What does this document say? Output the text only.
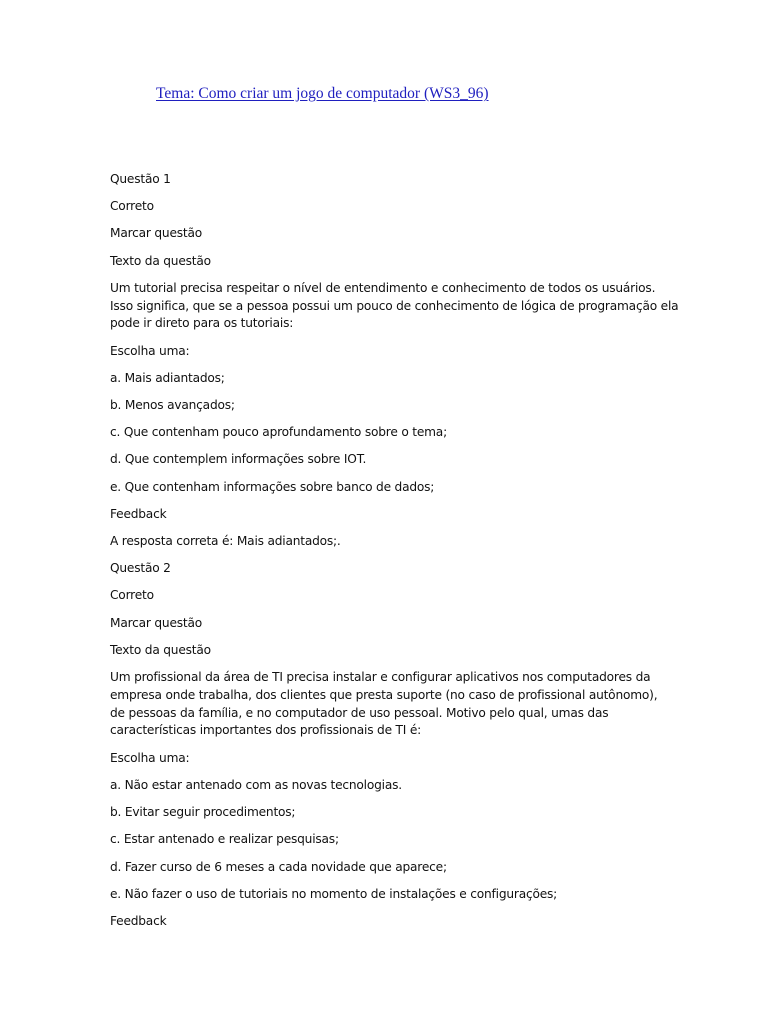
Tema: Como criar um jogo de computador (WS3_96)
Questão 1
Correto
Marcar questão
Texto da questão
Um tutorial precisa respeitar o nível de entendimento e conhecimento de todos os usuários.
Isso significa, que se a pessoa possui um pouco de conhecimento de lógica de programação ela
pode ir direto para os tutoriais:
Escolha uma:
a. Mais adiantados;
b. Menos avançados;
c. Que contenham pouco aprofundamento sobre o tema;
d. Que contemplem informações sobre IOT.
e. Que contenham informações sobre banco de dados;
Feedback
A resposta correta é: Mais adiantados;.
Questão 2
Correto
Marcar questão
Texto da questão
Um profissional da área de TI precisa instalar e configurar aplicativos nos computadores da
empresa onde trabalha, dos clientes que presta suporte (no caso de profissional autônomo),
de pessoas da família, e no computador de uso pessoal. Motivo pelo qual, umas das
características importantes dos profissionais de TI é:
Escolha uma:
a. Não estar antenado com as novas tecnologias.
b. Evitar seguir procedimentos;
c. Estar antenado e realizar pesquisas;
d. Fazer curso de 6 meses a cada novidade que aparece;
e. Não fazer o uso de tutoriais no momento de instalações e configurações;
Feedback
